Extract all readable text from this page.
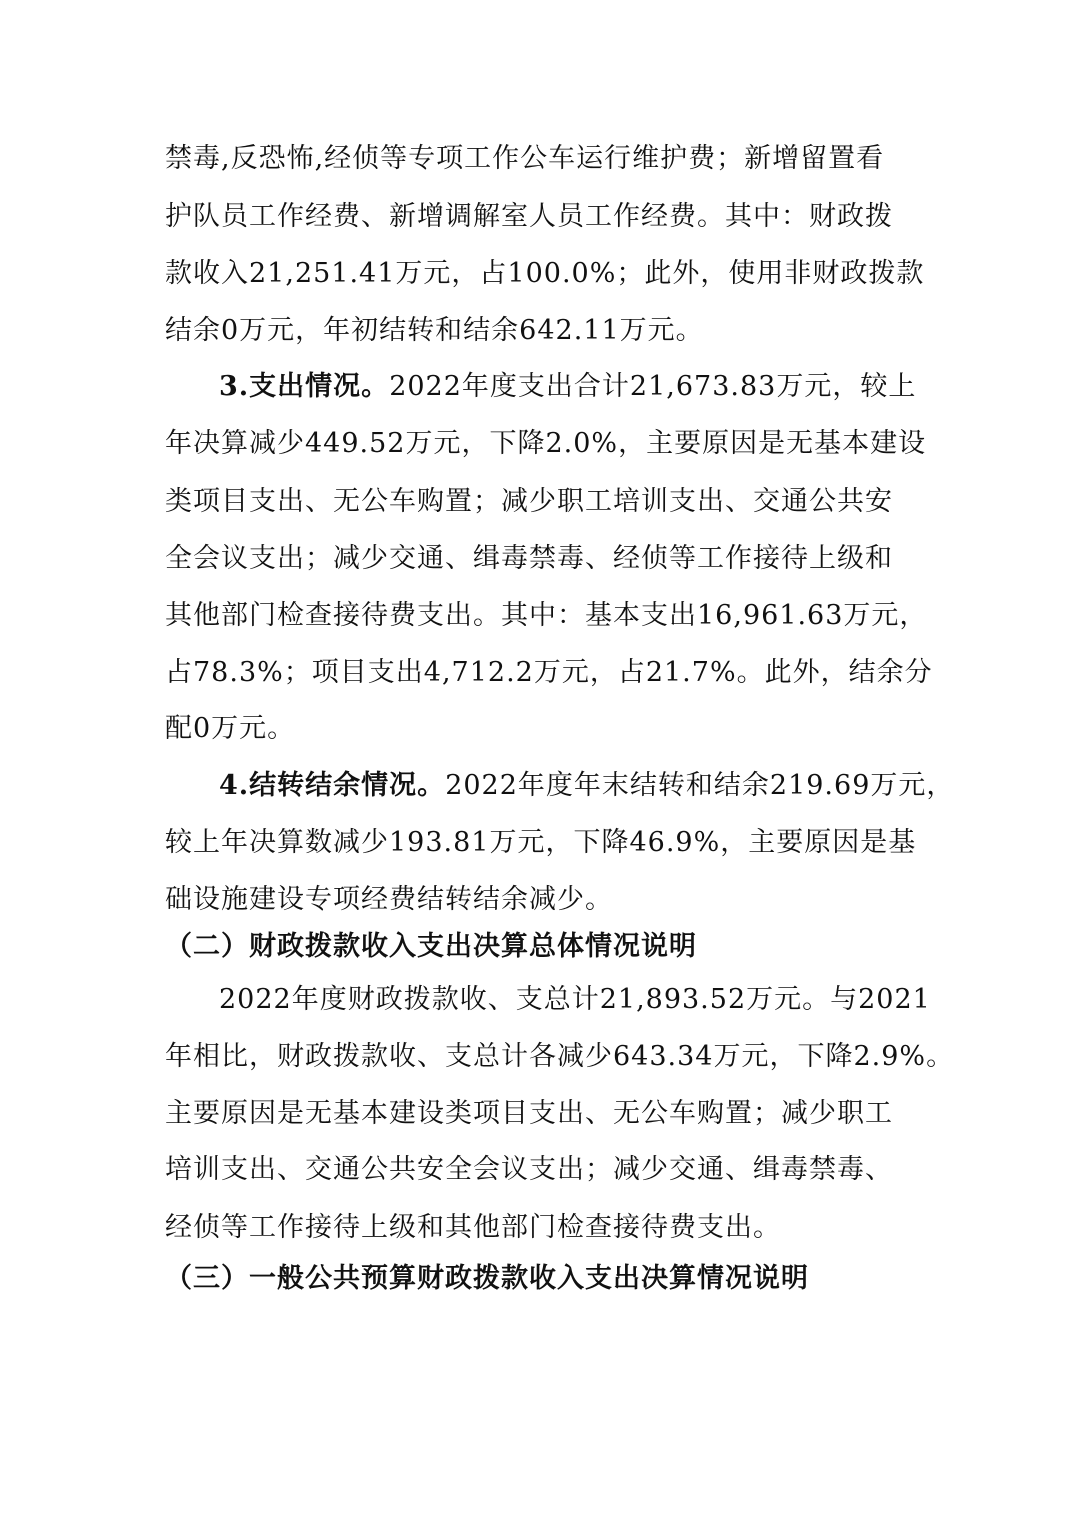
禁毒,反恐怖,经侦等专项工作公车运行维护费；新增留置看
护队员工作经费、新增调解室人员工作经费。其中：财政拨
款收入21,251.41万元，占100.0%；此外，使用非财政拨款
结余0万元，年初结转和结余642.11万元。
3.支出情况。2022年度支出合计21,673.83万元，较上
年决算减少449.52万元，下降2.0%，主要原因是无基本建设
类项目支出、无公车购置；减少职工培训支出、交通公共安
全会议支出；减少交通、缉毒禁毒、经侦等工作接待上级和
其他部门检查接待费支出。其中：基本支出16,961.63万元，
占78.3%；项目支出4,712.2万元，占21.7%。此外，结余分
配0万元。
4.结转结余情况。2022年度年末结转和结余219.69万元，
较上年决算数减少193.81万元，下降46.9%，主要原因是基
础设施建设专项经费结转结余减少。
（二）财政拨款收入支出决算总体情况说明
2022年度财政拨款收、支总计21,893.52万元。与2021
年相比，财政拨款收、支总计各减少643.34万元，下降2.9%。
主要原因是无基本建设类项目支出、无公车购置；减少职工
培训支出、交通公共安全会议支出；减少交通、缉毒禁毒、
经侦等工作接待上级和其他部门检查接待费支出。
（三）一般公共预算财政拨款收入支出决算情况说明
